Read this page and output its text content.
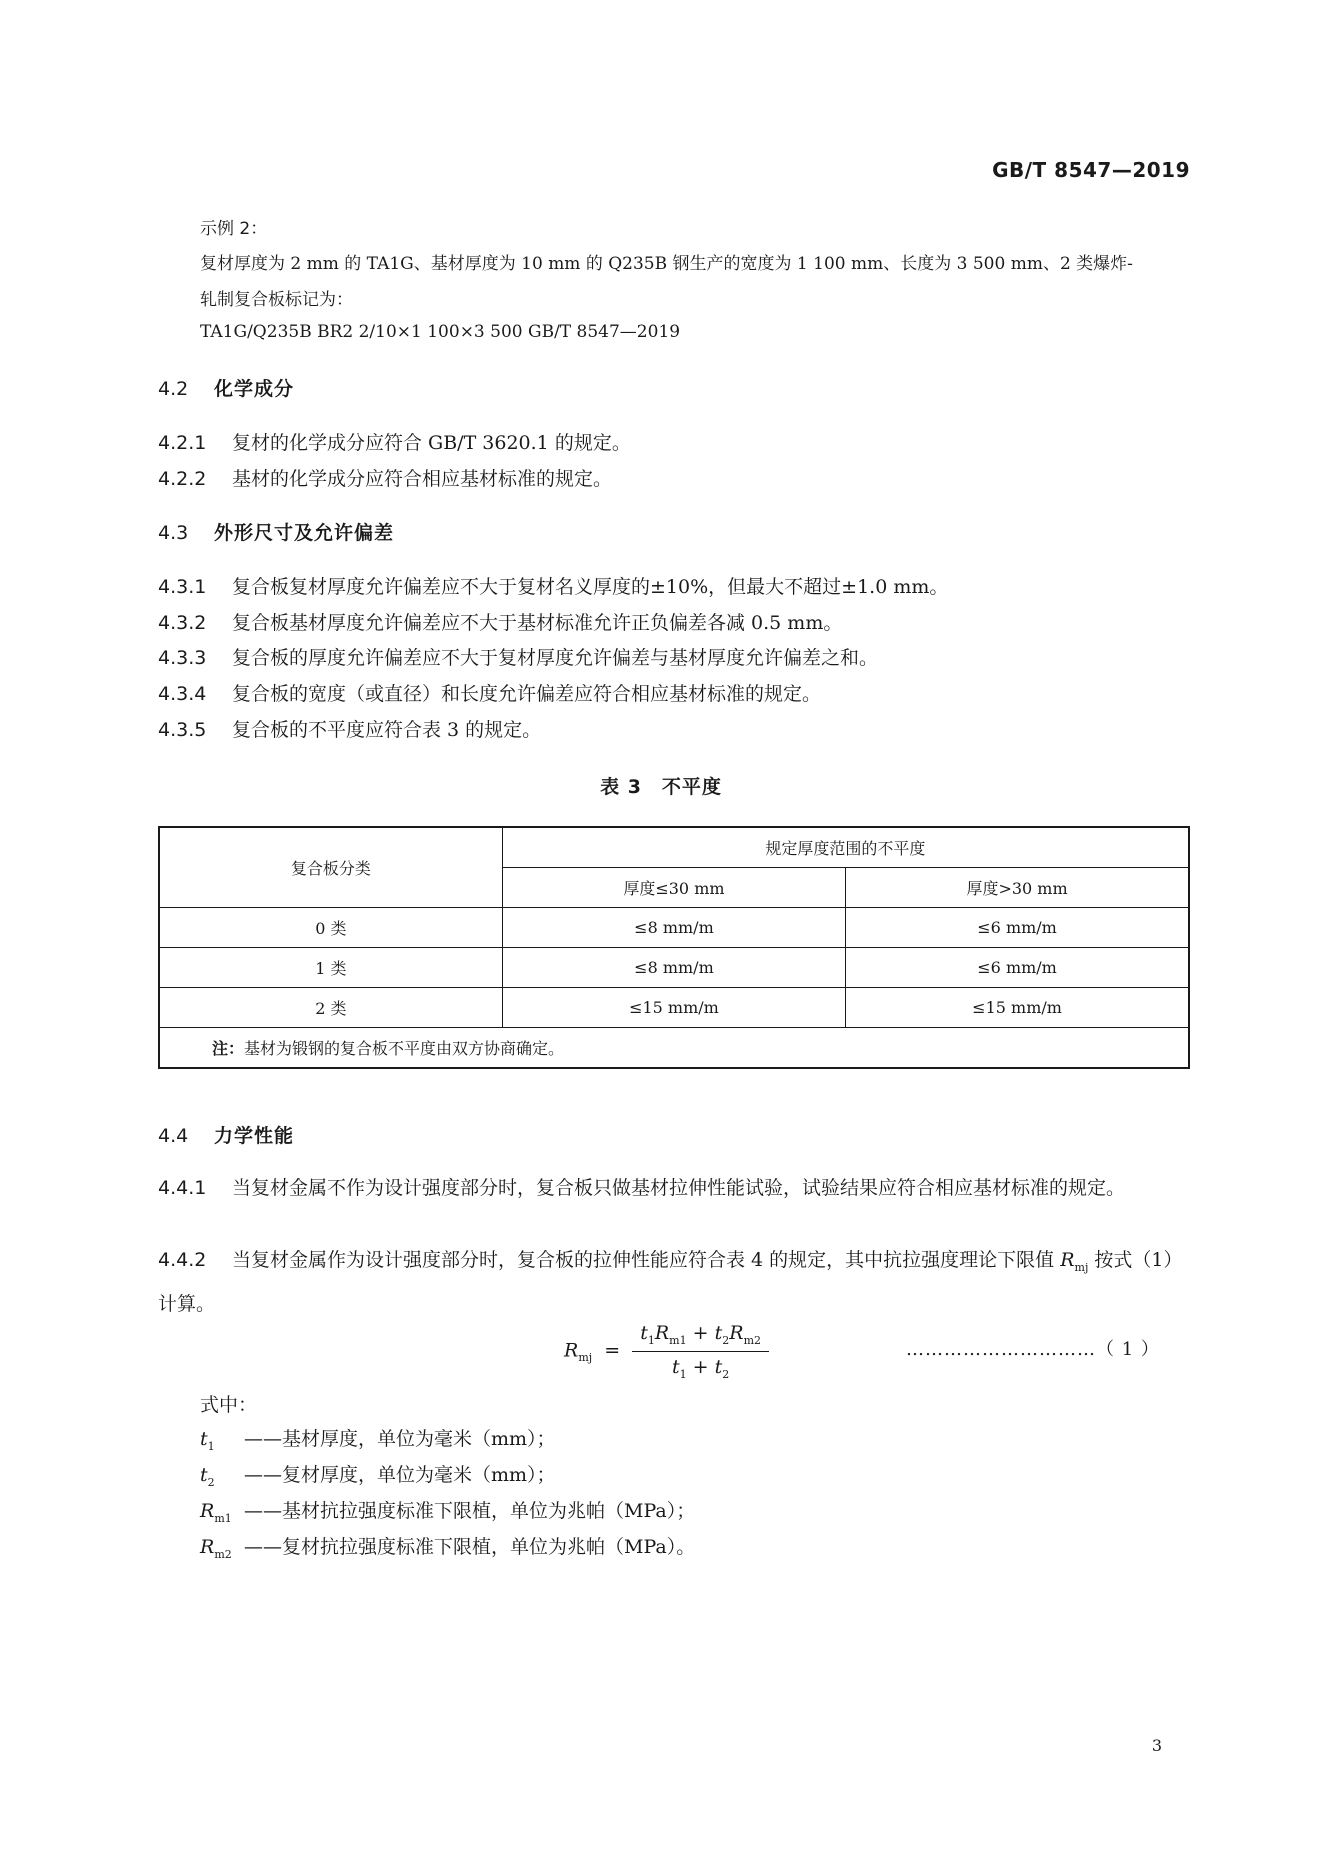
GB/T 8547—2019
示例 2：
复材厚度为 2 mm 的 TA1G、基材厚度为 10 mm 的 Q235B 钢生产的宽度为 1 100 mm、长度为 3 500 mm、2 类爆炸-
轧制复合板标记为：
TA1G/Q235B BR2 2/10×1 100×3 500 GB/T 8547—2019
4.2 化学成分
4.2.1 复材的化学成分应符合 GB/T 3620.1 的规定。
4.2.2 基材的化学成分应符合相应基材标准的规定。
4.3 外形尺寸及允许偏差
4.3.1 复合板复材厚度允许偏差应不大于复材名义厚度的±10%，但最大不超过±1.0 mm。
4.3.2 复合板基材厚度允许偏差应不大于基材标准允许正负偏差各减 0.5 mm。
4.3.3 复合板的厚度允许偏差应不大于复材厚度允许偏差与基材厚度允许偏差之和。
4.3.4 复合板的宽度（或直径）和长度允许偏差应符合相应基材标准的规定。
4.3.5 复合板的不平度应符合表 3 的规定。
表 3　不平度
复合板分类	规定厚度范围的不平度	
	厚度≤30 mm	厚度>30 mm
0 类	≤8 mm/m	≤6 mm/m
1 类	≤8 mm/m	≤6 mm/m
2 类	≤15 mm/m	≤15 mm/m
注：基材为锻钢的复合板不平度由双方协商确定。		
4.4 力学性能
4.4.1 当复材金属不作为设计强度部分时，复合板只做基材拉伸性能试验，试验结果应符合相应基材标准的规定。
4.4.2 当复材金属作为设计强度部分时，复合板的拉伸性能应符合表 4 的规定，其中抗拉强度理论下限值 $R_{mj}$ 按式（1）计算。
$R_{mj} = \frac{t_1R_{m1} + t_2R_{m2}}{t_1 + t_2}$	…………………………（ 1 ）
式中：
$t_1$ ——基材厚度，单位为毫米（mm）；
$t_2$ ——复材厚度，单位为毫米（mm）；
$R_{m1}$ ——基材抗拉强度标准下限植，单位为兆帕（MPa）；
$R_{m2}$ ——复材抗拉强度标准下限植，单位为兆帕（MPa）。
3
